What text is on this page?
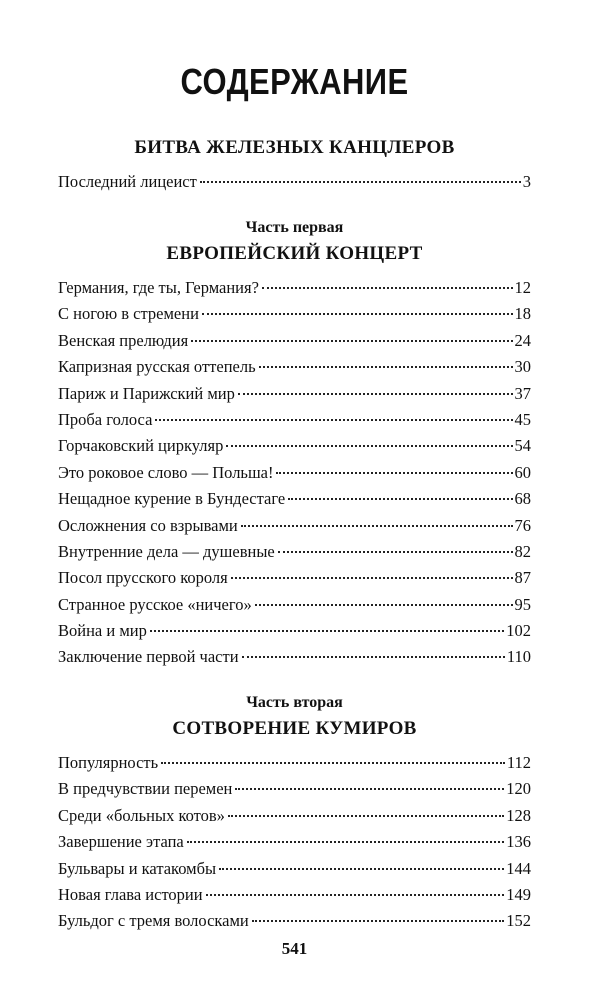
СОДЕРЖАНИЕ
БИТВА ЖЕЛЕЗНЫХ КАНЦЛЕРОВ
Последний лицеист	3
Часть первая
ЕВРОПЕЙСКИЙ КОНЦЕРТ
Германия, где ты, Германия?	12
С ногою в стремени	18
Венская прелюдия	24
Капризная русская оттепель	30
Париж и Парижский мир	37
Проба голоса	45
Горчаковский циркуляр	54
Это роковое слово — Польша!	60
Нещадное курение в Бундестаге	68
Осложнения со взрывами	76
Внутренние дела — душевные	82
Посол прусского короля	87
Странное русское «ничего»	95
Война и мир	102
Заключение первой части	110
Часть вторая
СОТВОРЕНИЕ КУМИРОВ
Популярность	112
В предчувствии перемен	120
Среди «больных котов»	128
Завершение этапа	136
Бульвары и катакомбы	144
Новая глава истории	149
Бульдог с тремя волосками	152
541
